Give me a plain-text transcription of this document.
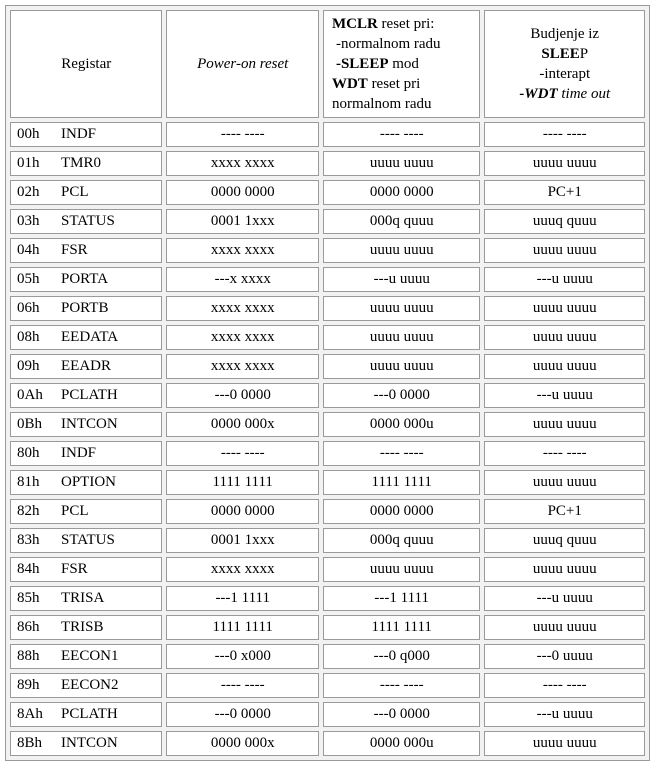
Registar	Power-on reset	MCLR reset pri:
-normalnom radu
-SLEEP mod
WDT reset pri
normalnom radu	Budjenje iz
SLEEP
-interapt
-WDT time out

00h INDF	---- ----	---- ----	---- ----
01h TMR0	xxxx xxxx	uuuu uuuu	uuuu uuuu
02h PCL	0000 0000	0000 0000	PC+1
03h STATUS	0001 1xxx	000q quuu	uuuq quuu
04h FSR	xxxx xxxx	uuuu uuuu	uuuu uuuu
05h PORTA	---x xxxx	---u uuuu	---u uuuu
06h PORTB	xxxx xxxx	uuuu uuuu	uuuu uuuu
08h EEDATA	xxxx xxxx	uuuu uuuu	uuuu uuuu
09h EEADR	xxxx xxxx	uuuu uuuu	uuuu uuuu
0Ah PCLATH	---0 0000	---0 0000	---u uuuu
0Bh INTCON	0000 000x	0000 000u	uuuu uuuu
80h INDF	---- ----	---- ----	---- ----
81h OPTION	1111 1111	1111 1111	uuuu uuuu
82h PCL	0000 0000	0000 0000	PC+1
83h STATUS	0001 1xxx	000q quuu	uuuq quuu
84h FSR	xxxx xxxx	uuuu uuuu	uuuu uuuu
85h TRISA	---1 1111	---1 1111	---u uuuu
86h TRISB	1111 1111	1111 1111	uuuu uuuu
88h EECON1	---0 x000	---0 q000	---0 uuuu
89h EECON2	---- ----	---- ----	---- ----
8Ah PCLATH	---0 0000	---0 0000	---u uuuu
8Bh INTCON	0000 000x	0000 000u	uuuu uuuu
